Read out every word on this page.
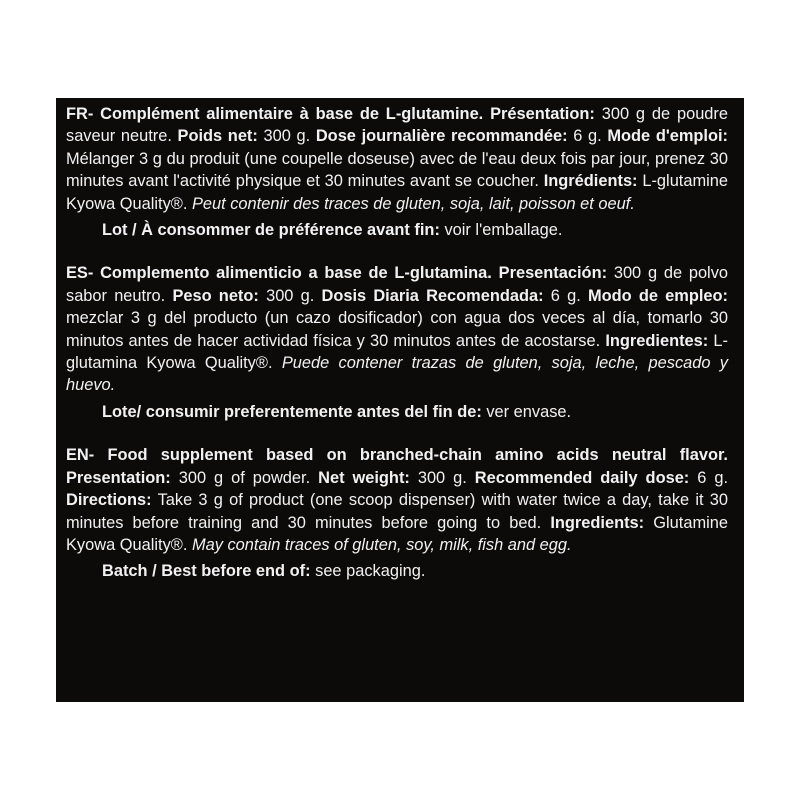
FR- Complément alimentaire à base de L-glutamine. Présentation: 300 g de poudre saveur neutre. Poids net: 300 g. Dose journalière recommandée: 6 g. Mode d'emploi: Mélanger 3 g du produit (une coupelle doseuse) avec de l'eau deux fois par jour, prenez 30 minutes avant l'activité physique et 30 minutes avant se coucher. Ingrédients: L-glutamine Kyowa Quality®. Peut contenir des traces de gluten, soja, lait, poisson et oeuf.

Lot / À consommer de préférence avant fin: voir l'emballage.

ES- Complemento alimenticio a base de L-glutamina. Presentación: 300 g de polvo sabor neutro. Peso neto: 300 g. Dosis Diaria Recomendada: 6 g. Modo de empleo: mezclar 3 g del producto (un cazo dosificador) con agua dos veces al día, tomarlo 30 minutos antes de hacer actividad física y 30 minutos antes de acostarse. Ingredientes: L-glutamina Kyowa Quality®. Puede contener trazas de gluten, soja, leche, pescado y huevo.

Lote/ consumir preferentemente antes del fin de: ver envase.

EN- Food supplement based on branched-chain amino acids neutral flavor. Presentation: 300 g of powder. Net weight: 300 g. Recommended daily dose: 6 g. Directions: Take 3 g of product (one scoop dispenser) with water twice a day, take it 30 minutes before training and 30 minutes before going to bed. Ingredients: Glutamine Kyowa Quality®. May contain traces of gluten, soy, milk, fish and egg.

Batch / Best before end of: see packaging.
